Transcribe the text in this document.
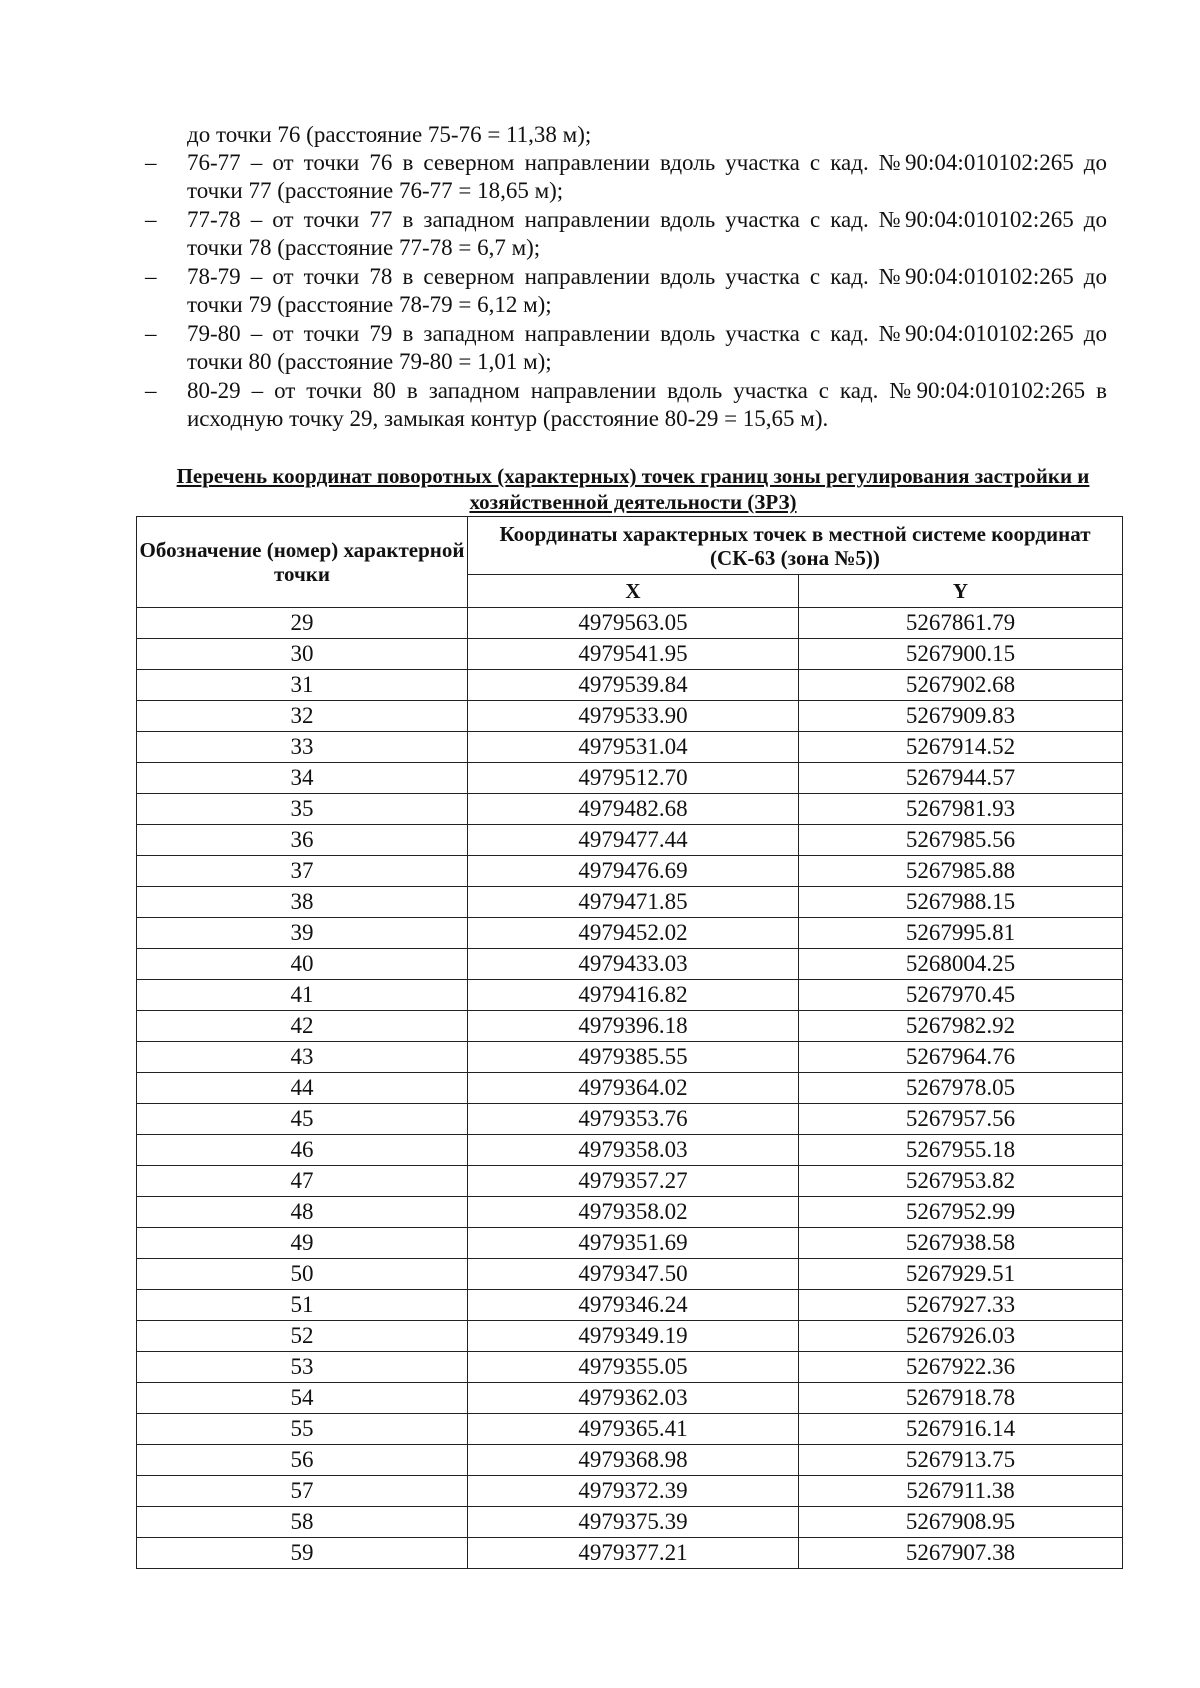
до точки 76 (расстояние 75-76 = 11,38 м);

– 76-77 – от точки 76 в северном направлении вдоль участка с кад. №90:04:010102:265 до точки 77 (расстояние 76-77 = 18,65 м);
– 77-78 – от точки 77 в западном направлении вдоль участка с кад. №90:04:010102:265 до точки 78 (расстояние 77-78 = 6,7 м);
– 78-79 – от точки 78 в северном направлении вдоль участка с кад. №90:04:010102:265 до точки 79 (расстояние 78-79 = 6,12 м);
– 79-80 – от точки 79 в западном направлении вдоль участка с кад. №90:04:010102:265 до точки 80 (расстояние 79-80 = 1,01 м);
– 80-29 – от точки 80 в западном направлении вдоль участка с кад. №90:04:010102:265 в исходную точку 29, замыкая контур (расстояние 80-29 = 15,65 м).

Перечень координат поворотных (характерных) точек границ зоны регулирования застройки и хозяйственной деятельности (ЗРЗ)

Обозначение (номер) характерной точки	Координаты характерных точек в местной системе координат (СК-63 (зона №5))	
	X	Y
29	4979563.05	5267861.79
30	4979541.95	5267900.15
31	4979539.84	5267902.68
32	4979533.90	5267909.83
33	4979531.04	5267914.52
34	4979512.70	5267944.57
35	4979482.68	5267981.93
36	4979477.44	5267985.56
37	4979476.69	5267985.88
38	4979471.85	5267988.15
39	4979452.02	5267995.81
40	4979433.03	5268004.25
41	4979416.82	5267970.45
42	4979396.18	5267982.92
43	4979385.55	5267964.76
44	4979364.02	5267978.05
45	4979353.76	5267957.56
46	4979358.03	5267955.18
47	4979357.27	5267953.82
48	4979358.02	5267952.99
49	4979351.69	5267938.58
50	4979347.50	5267929.51
51	4979346.24	5267927.33
52	4979349.19	5267926.03
53	4979355.05	5267922.36
54	4979362.03	5267918.78
55	4979365.41	5267916.14
56	4979368.98	5267913.75
57	4979372.39	5267911.38
58	4979375.39	5267908.95
59	4979377.21	5267907.38
